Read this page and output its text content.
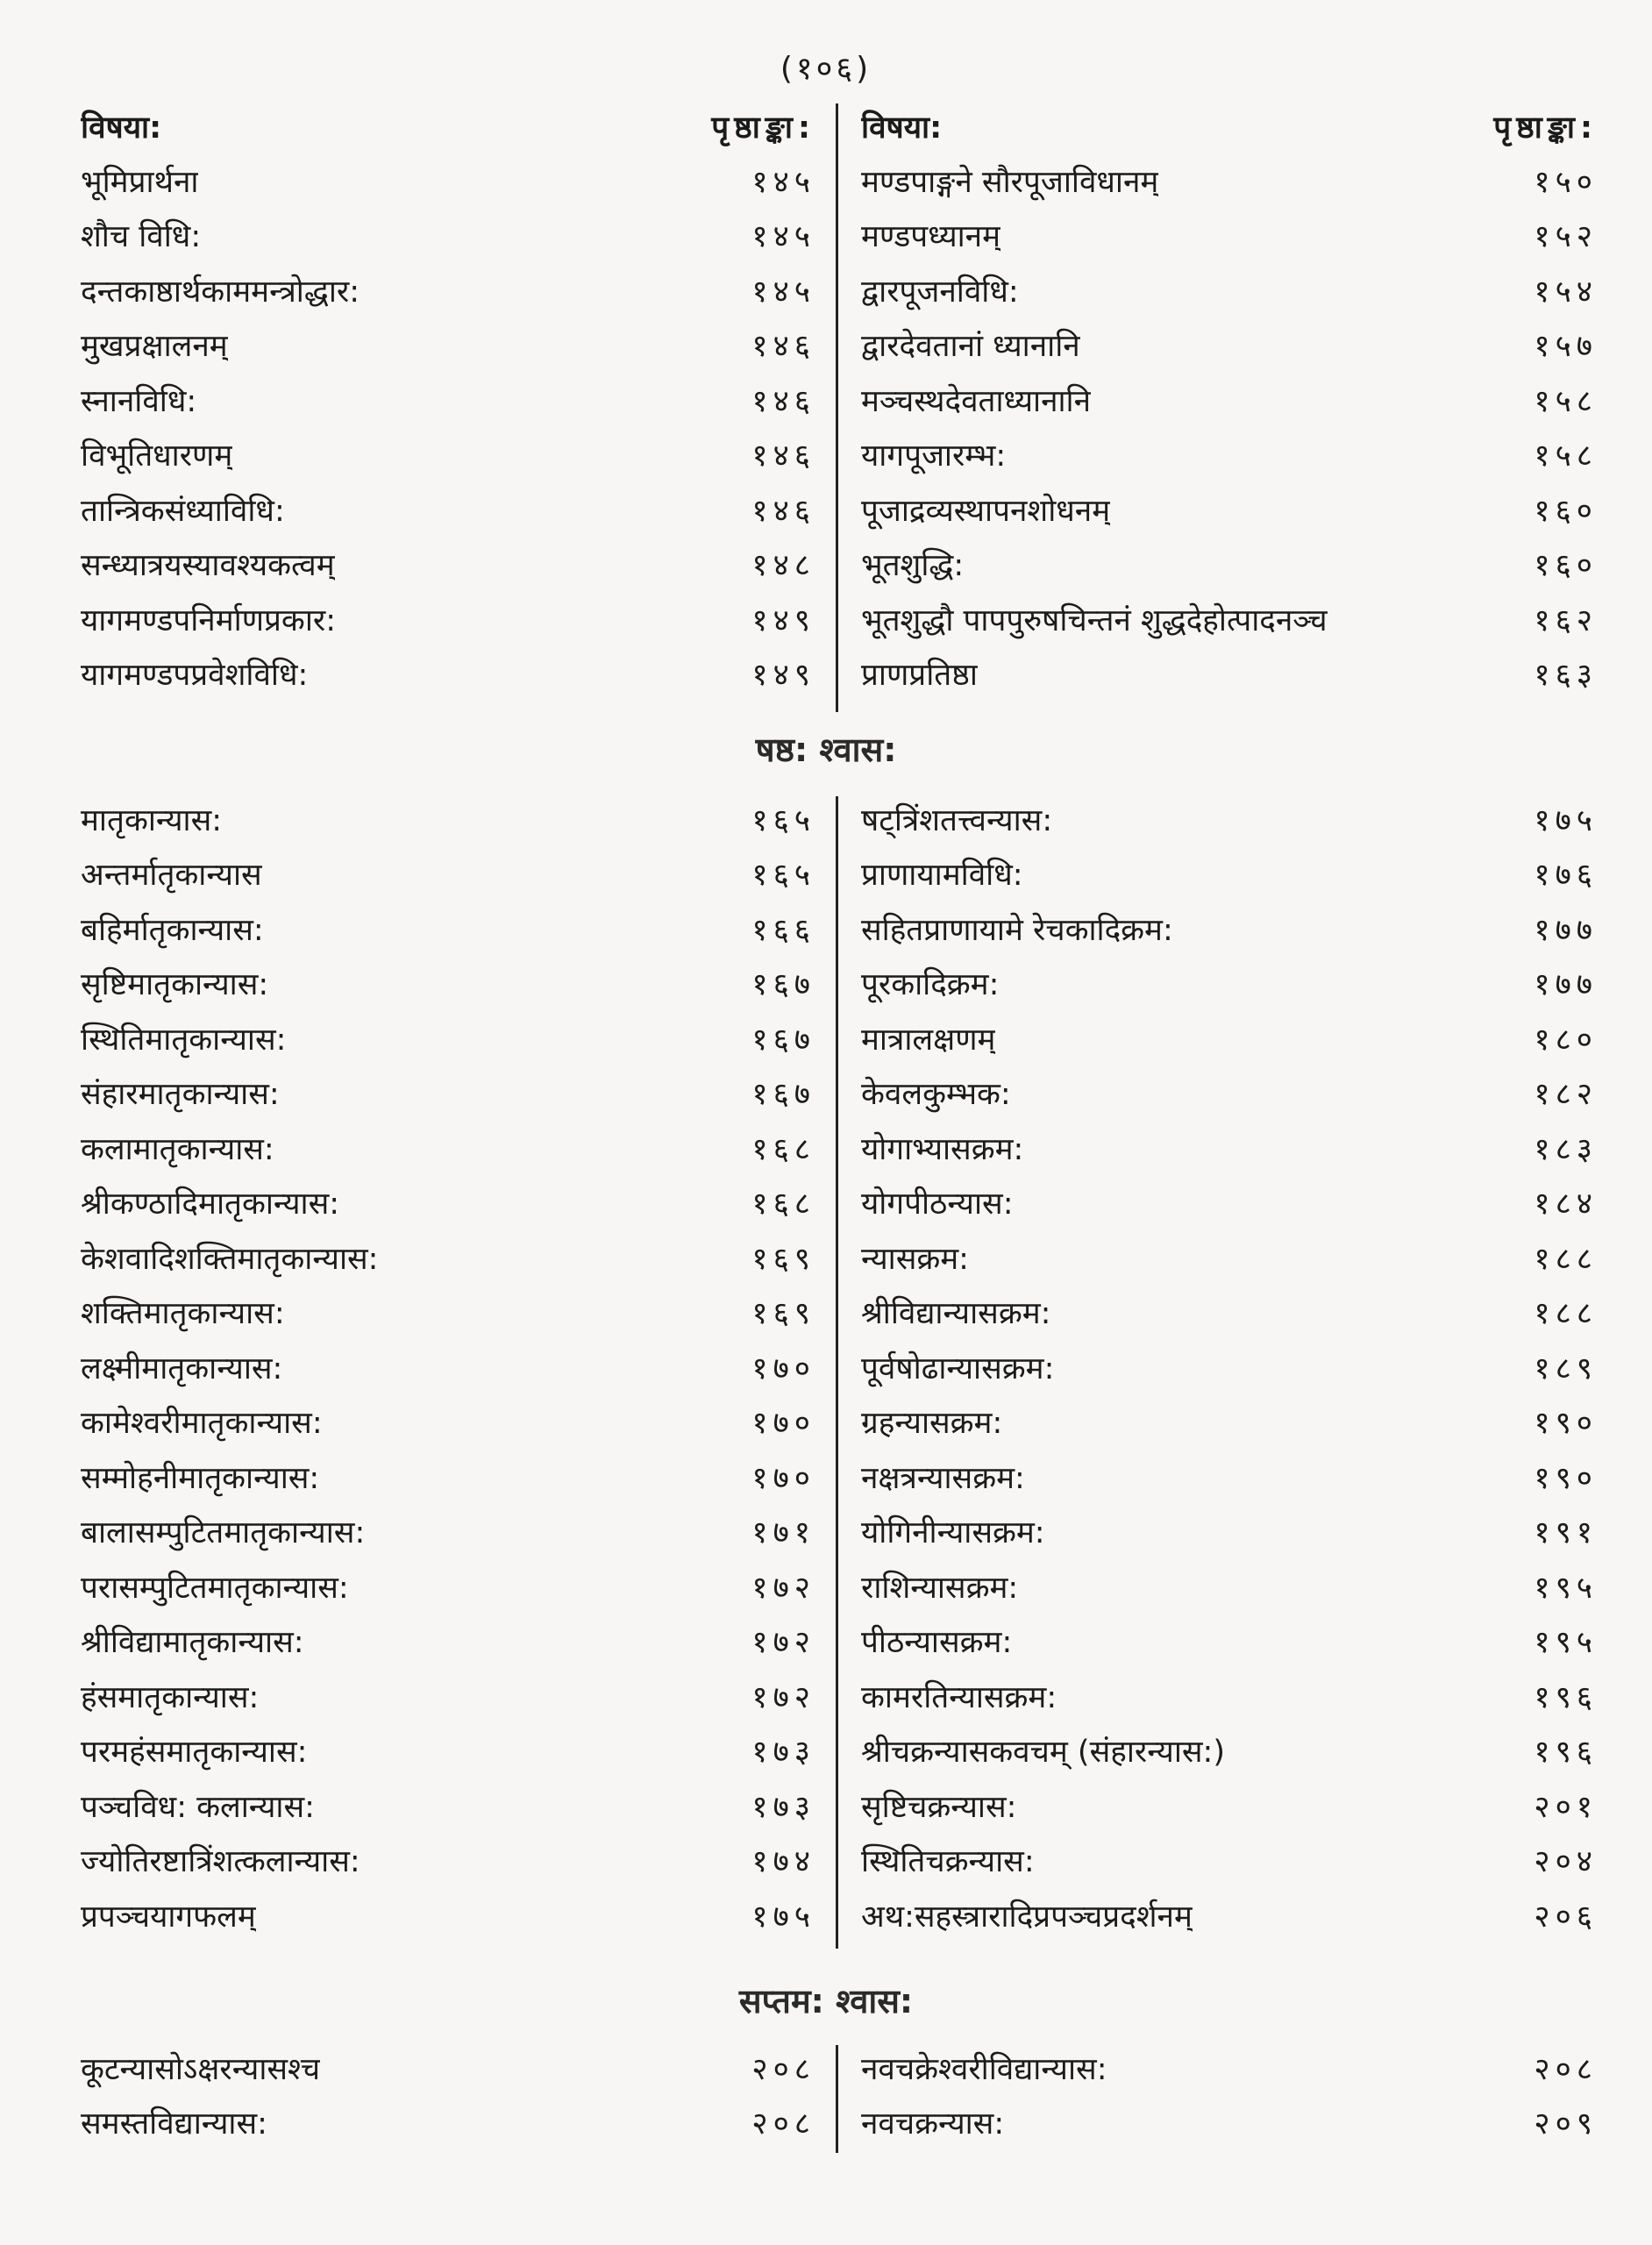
(१०६)
विषया:	पृष्ठाङ्का:
भूमिप्रार्थना	१४५
शौच विधि:	१४५
दन्तकाष्ठार्थकाममन्त्रोद्धार:	१४५
मुखप्रक्षालनम्	१४६
स्नानविधि:	१४६
विभूतिधारणम्	१४६
तान्त्रिकसंध्याविधि:	१४६
सन्ध्यात्रयस्यावश्यकत्वम्	१४८
यागमण्डपनिर्माणप्रकार:	१४९
यागमण्डपप्रवेशविधि:	१४९
विषया:	पृष्ठाङ्का:
मण्डपाङ्गने सौरपूजाविधानम्	१५०
मण्डपध्यानम्	१५२
द्वारपूजनविधि:	१५४
द्वारदेवतानां ध्यानानि	१५७
मञ्चस्थदेवताध्यानानि	१५८
यागपूजारम्भ:	१५८
पूजाद्रव्यस्थापनशोधनम्	१६०
भूतशुद्धि:	१६०
भूतशुद्धौ पापपुरुषचिन्तनं शुद्धदेहोत्पादनञ्च	१६२
प्राणप्रतिष्ठा	१६३
षष्ठ: श्वास:
मातृकान्यास:	१६५
अन्तर्मातृकान्यास	१६५
बहिर्मातृकान्यास:	१६६
सृष्टिमातृकान्यास:	१६७
स्थितिमातृकान्यास:	१६७
संहारमातृकान्यास:	१६७
कलामातृकान्यास:	१६८
श्रीकण्ठादिमातृकान्यास:	१६८
केशवादिशक्तिमातृकान्यास:	१६९
शक्तिमातृकान्यास:	१६९
लक्ष्मीमातृकान्यास:	१७०
कामेश्वरीमातृकान्यास:	१७०
सम्मोहनीमातृकान्यास:	१७०
बालासम्पुटितमातृकान्यास:	१७१
परासम्पुटितमातृकान्यास:	१७२
श्रीविद्यामातृकान्यास:	१७२
हंसमातृकान्यास:	१७२
परमहंसमातृकान्यास:	१७३
पञ्चविध: कलान्यास:	१७३
ज्योतिरष्टात्रिंशत्कलान्यास:	१७४
प्रपञ्चयागफलम्	१७५
षट्त्रिंशतत्त्वन्यास:	१७५
प्राणायामविधि:	१७६
सहितप्राणायामे रेचकादिक्रम:	१७७
पूरकादिक्रम:	१७७
मात्रालक्षणम्	१८०
केवलकुम्भक:	१८२
योगाभ्यासक्रम:	१८३
योगपीठन्यास:	१८४
न्यासक्रम:	१८८
श्रीविद्यान्यासक्रम:	१८८
पूर्वषोढान्यासक्रम:	१८९
ग्रहन्यासक्रम:	१९०
नक्षत्रन्यासक्रम:	१९०
योगिनीन्यासक्रम:	१९१
राशिन्यासक्रम:	१९५
पीठन्यासक्रम:	१९५
कामरतिन्यासक्रम:	१९६
श्रीचक्रन्यासकवचम् (संहारन्यास:)	१९६
सृष्टिचक्रन्यास:	२०१
स्थितिचक्रन्यास:	२०४
अथ:सहस्त्रारादिप्रपञ्चप्रदर्शनम्	२०६
सप्तम: श्वास:
कूटन्यासोऽक्षरन्यासश्च	२०८
समस्तविद्यान्यास:	२०८
नवचक्रेश्वरीविद्यान्यास:	२०८
नवचक्रन्यास:	२०९
